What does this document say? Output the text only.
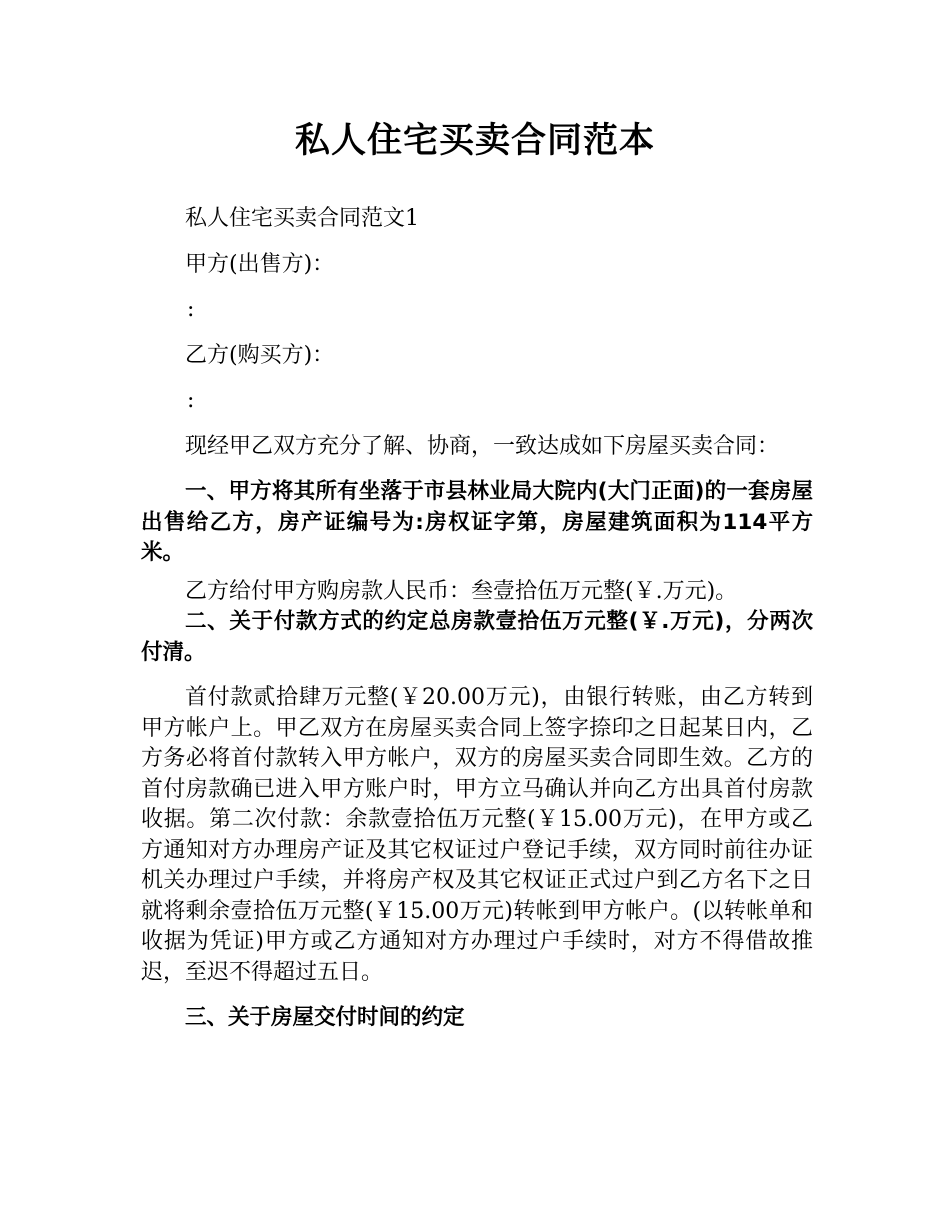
私人住宅买卖合同范本

私人住宅买卖合同范文1

甲方(出售方)：

:

乙方(购买方)：

:

现经甲乙双方充分了解、协商，一致达成如下房屋买卖合同：

一、甲方将其所有坐落于市县林业局大院内(大门正面)的一套房屋出售给乙方，房产证编号为:房权证字第，房屋建筑面积为114平方米。

乙方给付甲方购房款人民币：叁壹拾伍万元整(￥.万元)。

二、关于付款方式的约定总房款壹拾伍万元整(￥.万元)，分两次付清。

首付款贰拾肆万元整(￥20.00万元)，由银行转账，由乙方转到甲方帐户上。甲乙双方在房屋买卖合同上签字捺印之日起某日内，乙方务必将首付款转入甲方帐户，双方的房屋买卖合同即生效。乙方的首付房款确已进入甲方账户时，甲方立马确认并向乙方出具首付房款收据。第二次付款：余款壹拾伍万元整(￥15.00万元)，在甲方或乙方通知对方办理房产证及其它权证过户登记手续，双方同时前往办证机关办理过户手续，并将房产权及其它权证正式过户到乙方名下之日就将剩余壹拾伍万元整(￥15.00万元)转帐到甲方帐户。(以转帐单和收据为凭证)甲方或乙方通知对方办理过户手续时，对方不得借故推迟，至迟不得超过五日。

三、关于房屋交付时间的约定
